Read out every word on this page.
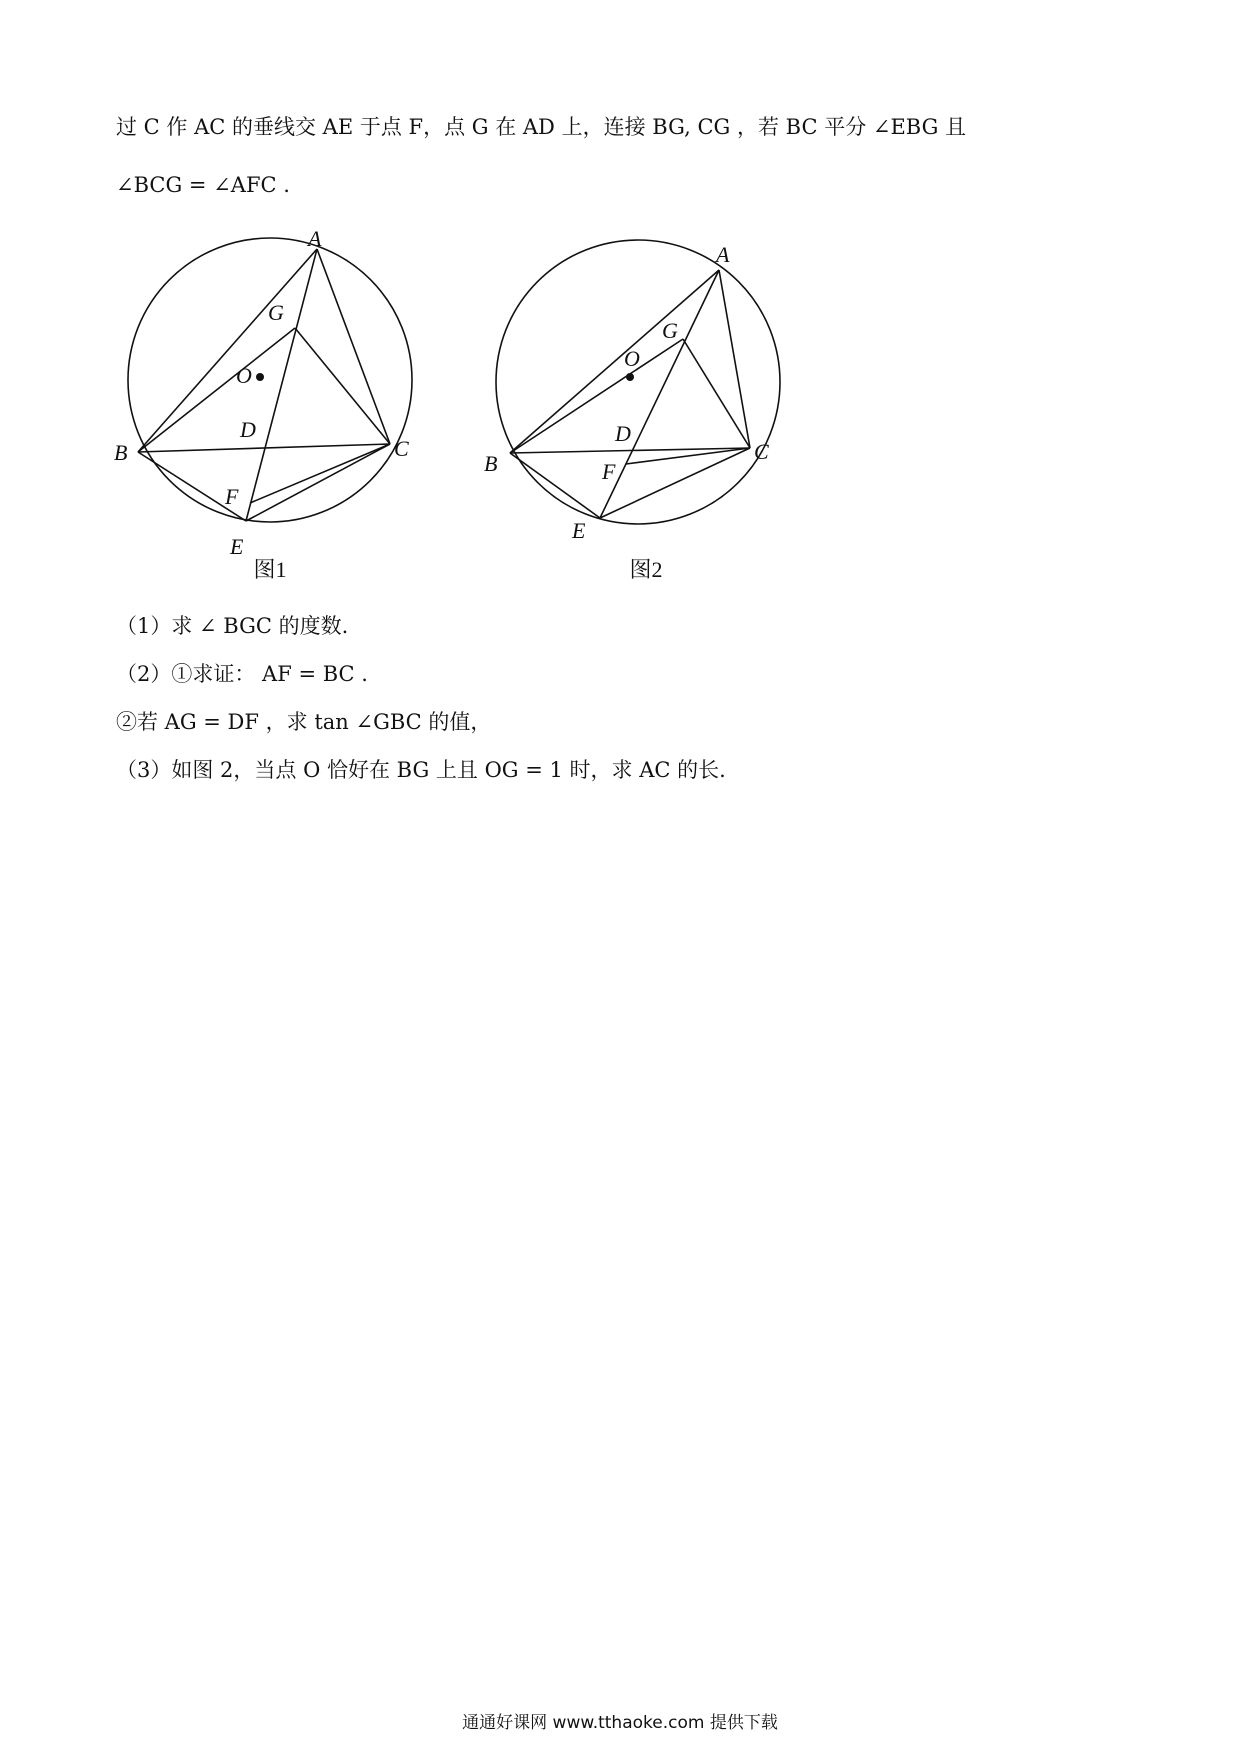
过 C 作 AC 的垂线交 AE 于点 F，点 G 在 AD 上，连接 BG, CG ，若 BC 平分 ∠EBG 且
∠BCG = ∠AFC .
A
B	C
D
E
F
G
O
图1
A
B	C
D
E
F
G
O
图2
（1）求 ∠ BGC 的度数.
（2）①求证： AF = BC .
②若 AG = DF ，求 tan ∠GBC 的值，
（3）如图 2，当点 O 恰好在 BG 上且 OG = 1 时，求 AC 的长.
通通好课网 www.tthaoke.com 提供下载
